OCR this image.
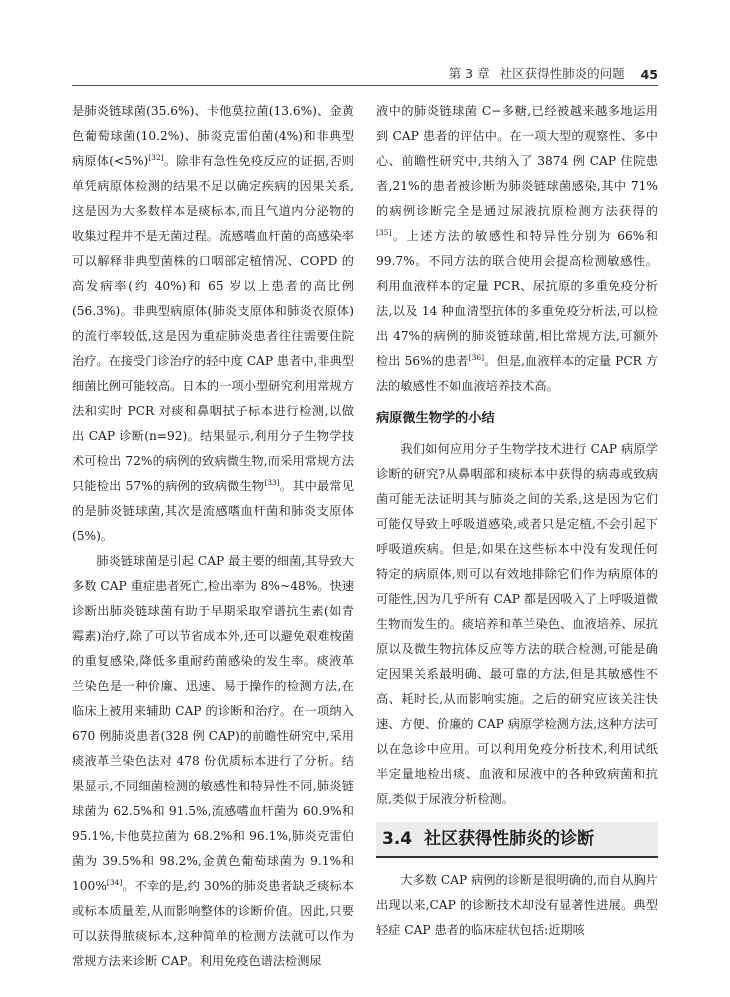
第 3 章 社区获得性肺炎的问题 45

是肺炎链球菌(35.6%)、卡他莫拉菌(13.6%)、金黄色葡萄球菌(10.2%)、肺炎克雷伯菌(4%)和非典型病原体(<5%)[32]。除非有急性免疫反应的证据,否则单凭病原体检测的结果不足以确定疾病的因果关系,这是因为大多数样本是痰标本,而且气道内分泌物的收集过程并不是无菌过程。流感嗜血杆菌的高感染率可以解释非典型菌株的口咽部定植情况、COPD 的高发病率(约 40%)和 65 岁以上患者的高比例(56.3%)。非典型病原体(肺炎支原体和肺炎衣原体)的流行率较低,这是因为重症肺炎患者往往需要住院治疗。在接受门诊治疗的轻中度 CAP 患者中,非典型细菌比例可能较高。日本的一项小型研究利用常规方法和实时 PCR 对痰和鼻咽拭子标本进行检测,以做出 CAP 诊断(n=92)。结果显示,利用分子生物学技术可检出 72%的病例的致病微生物,而采用常规方法只能检出 57%的病例的致病微生物[33]。其中最常见的是肺炎链球菌,其次是流感嗜血杆菌和肺炎支原体(5%)。

肺炎链球菌是引起 CAP 最主要的细菌,其导致大多数 CAP 重症患者死亡,检出率为 8%~48%。快速诊断出肺炎链球菌有助于早期采取窄谱抗生素(如青霉素)治疗,除了可以节省成本外,还可以避免艰难梭菌的重复感染,降低多重耐药菌感染的发生率。痰液革兰染色是一种价廉、迅速、易于操作的检测方法,在临床上被用来辅助 CAP 的诊断和治疗。在一项纳入 670 例肺炎患者(328 例 CAP)的前瞻性研究中,采用痰液革兰染色法对 478 份优质标本进行了分析。结果显示,不同细菌检测的敏感性和特异性不同,肺炎链球菌为 62.5%和 91.5%,流感嗜血杆菌为 60.9%和95.1%,卡他莫拉菌为 68.2%和 96.1%,肺炎克雷伯菌为 39.5%和 98.2%,金黄色葡萄球菌为 9.1%和 100%[34]。不幸的是,约 30%的肺炎患者缺乏痰标本或标本质量差,从而影响整体的诊断价值。因此,只要可以获得脓痰标本,这种简单的检测方法就可以作为常规方法来诊断 CAP。利用免疫色谱法检测尿

液中的肺炎链球菌 C−多糖,已经被越来越多地运用到 CAP 患者的评估中。在一项大型的观察性、多中心、前瞻性研究中,共纳入了 3874 例 CAP 住院患者,21%的患者被诊断为肺炎链球菌感染,其中 71%的病例诊断完全是通过尿液抗原检测方法获得的[35]。上述方法的敏感性和特异性分别为 66%和 99.7%。不同方法的联合使用会提高检测敏感性。利用血液样本的定量 PCR、尿抗原的多重免疫分析法,以及 14 种血清型抗体的多重免疫分析法,可以检出 47%的病例的肺炎链球菌,相比常规方法,可额外检出 56%的患者[36]。但是,血液样本的定量 PCR 方法的敏感性不如血液培养技术高。

病原微生物学的小结

我们如何应用分子生物学技术进行 CAP 病原学诊断的研究?从鼻咽部和痰标本中获得的病毒或致病菌可能无法证明其与肺炎之间的关系,这是因为它们可能仅导致上呼吸道感染,或者只是定植,不会引起下呼吸道疾病。但是,如果在这些标本中没有发现任何特定的病原体,则可以有效地排除它们作为病原体的可能性,因为几乎所有 CAP 都是因吸入了上呼吸道微生物而发生的。痰培养和革兰染色、血液培养、尿抗原以及微生物抗体反应等方法的联合检测,可能是确定因果关系最明确、最可靠的方法,但是其敏感性不高、耗时长,从而影响实施。之后的研究应该关注快速、方便、价廉的 CAP 病原学检测方法,这种方法可以在急诊中应用。可以利用免疫分析技术,利用试纸半定量地检出痰、血液和尿液中的各种致病菌和抗原,类似于尿液分析检测。

3.4 社区获得性肺炎的诊断

大多数 CAP 病例的诊断是很明确的,而自从胸片出现以来,CAP 的诊断技术却没有显著性进展。典型轻症 CAP 患者的临床症状包括:近期咳
